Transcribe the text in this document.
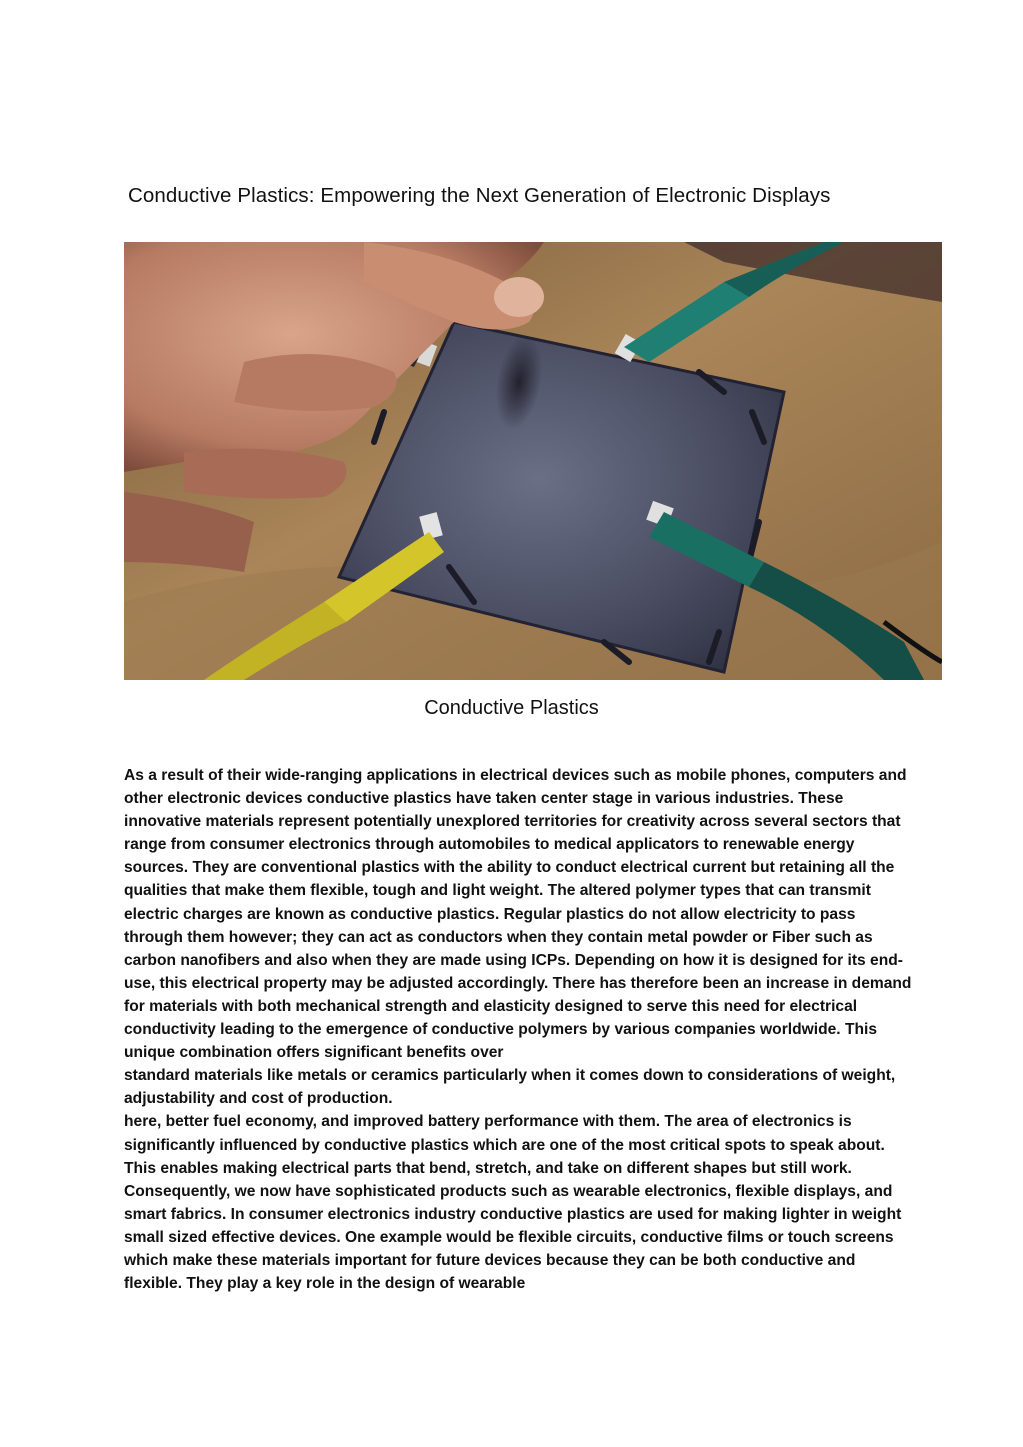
Conductive Plastics: Empowering the Next Generation of Electronic Displays

Conductive Plastics

As a result of their wide-ranging applications in electrical devices such as mobile phones, computers and other electronic devices conductive plastics have taken center stage in various industries. These innovative materials represent potentially unexplored territories for creativity across several sectors that range from consumer electronics through automobiles to medical applicators to renewable energy sources. They are conventional plastics with the ability to conduct electrical current but retaining all the qualities that make them flexible, tough and light weight. The altered polymer types that can transmit electric charges are known as conductive plastics. Regular plastics do not allow electricity to pass through them however; they can act as conductors when they contain metal powder or Fiber such as carbon nanofibers and also when they are made using ICPs. Depending on how it is designed for its end-use, this electrical property may be adjusted accordingly. There has therefore been an increase in demand for materials with both mechanical strength and elasticity designed to serve this need for electrical conductivity leading to the emergence of conductive polymers by various companies worldwide. This unique combination offers significant benefits over

standard materials like metals or ceramics particularly when it comes down to considerations of weight, adjustability and cost of production.

here, better fuel economy, and improved battery performance with them. The area of electronics is significantly influenced by conductive plastics which are one of the most critical spots to speak about. This enables making electrical parts that bend, stretch, and take on different shapes but still work. Consequently, we now have sophisticated products such as wearable electronics, flexible displays, and smart fabrics. In consumer electronics industry conductive plastics are used for making lighter in weight small sized effective devices. One example would be flexible circuits, conductive films or touch screens which make these materials important for future devices because they can be both conductive and flexible. They play a key role in the design of wearable
